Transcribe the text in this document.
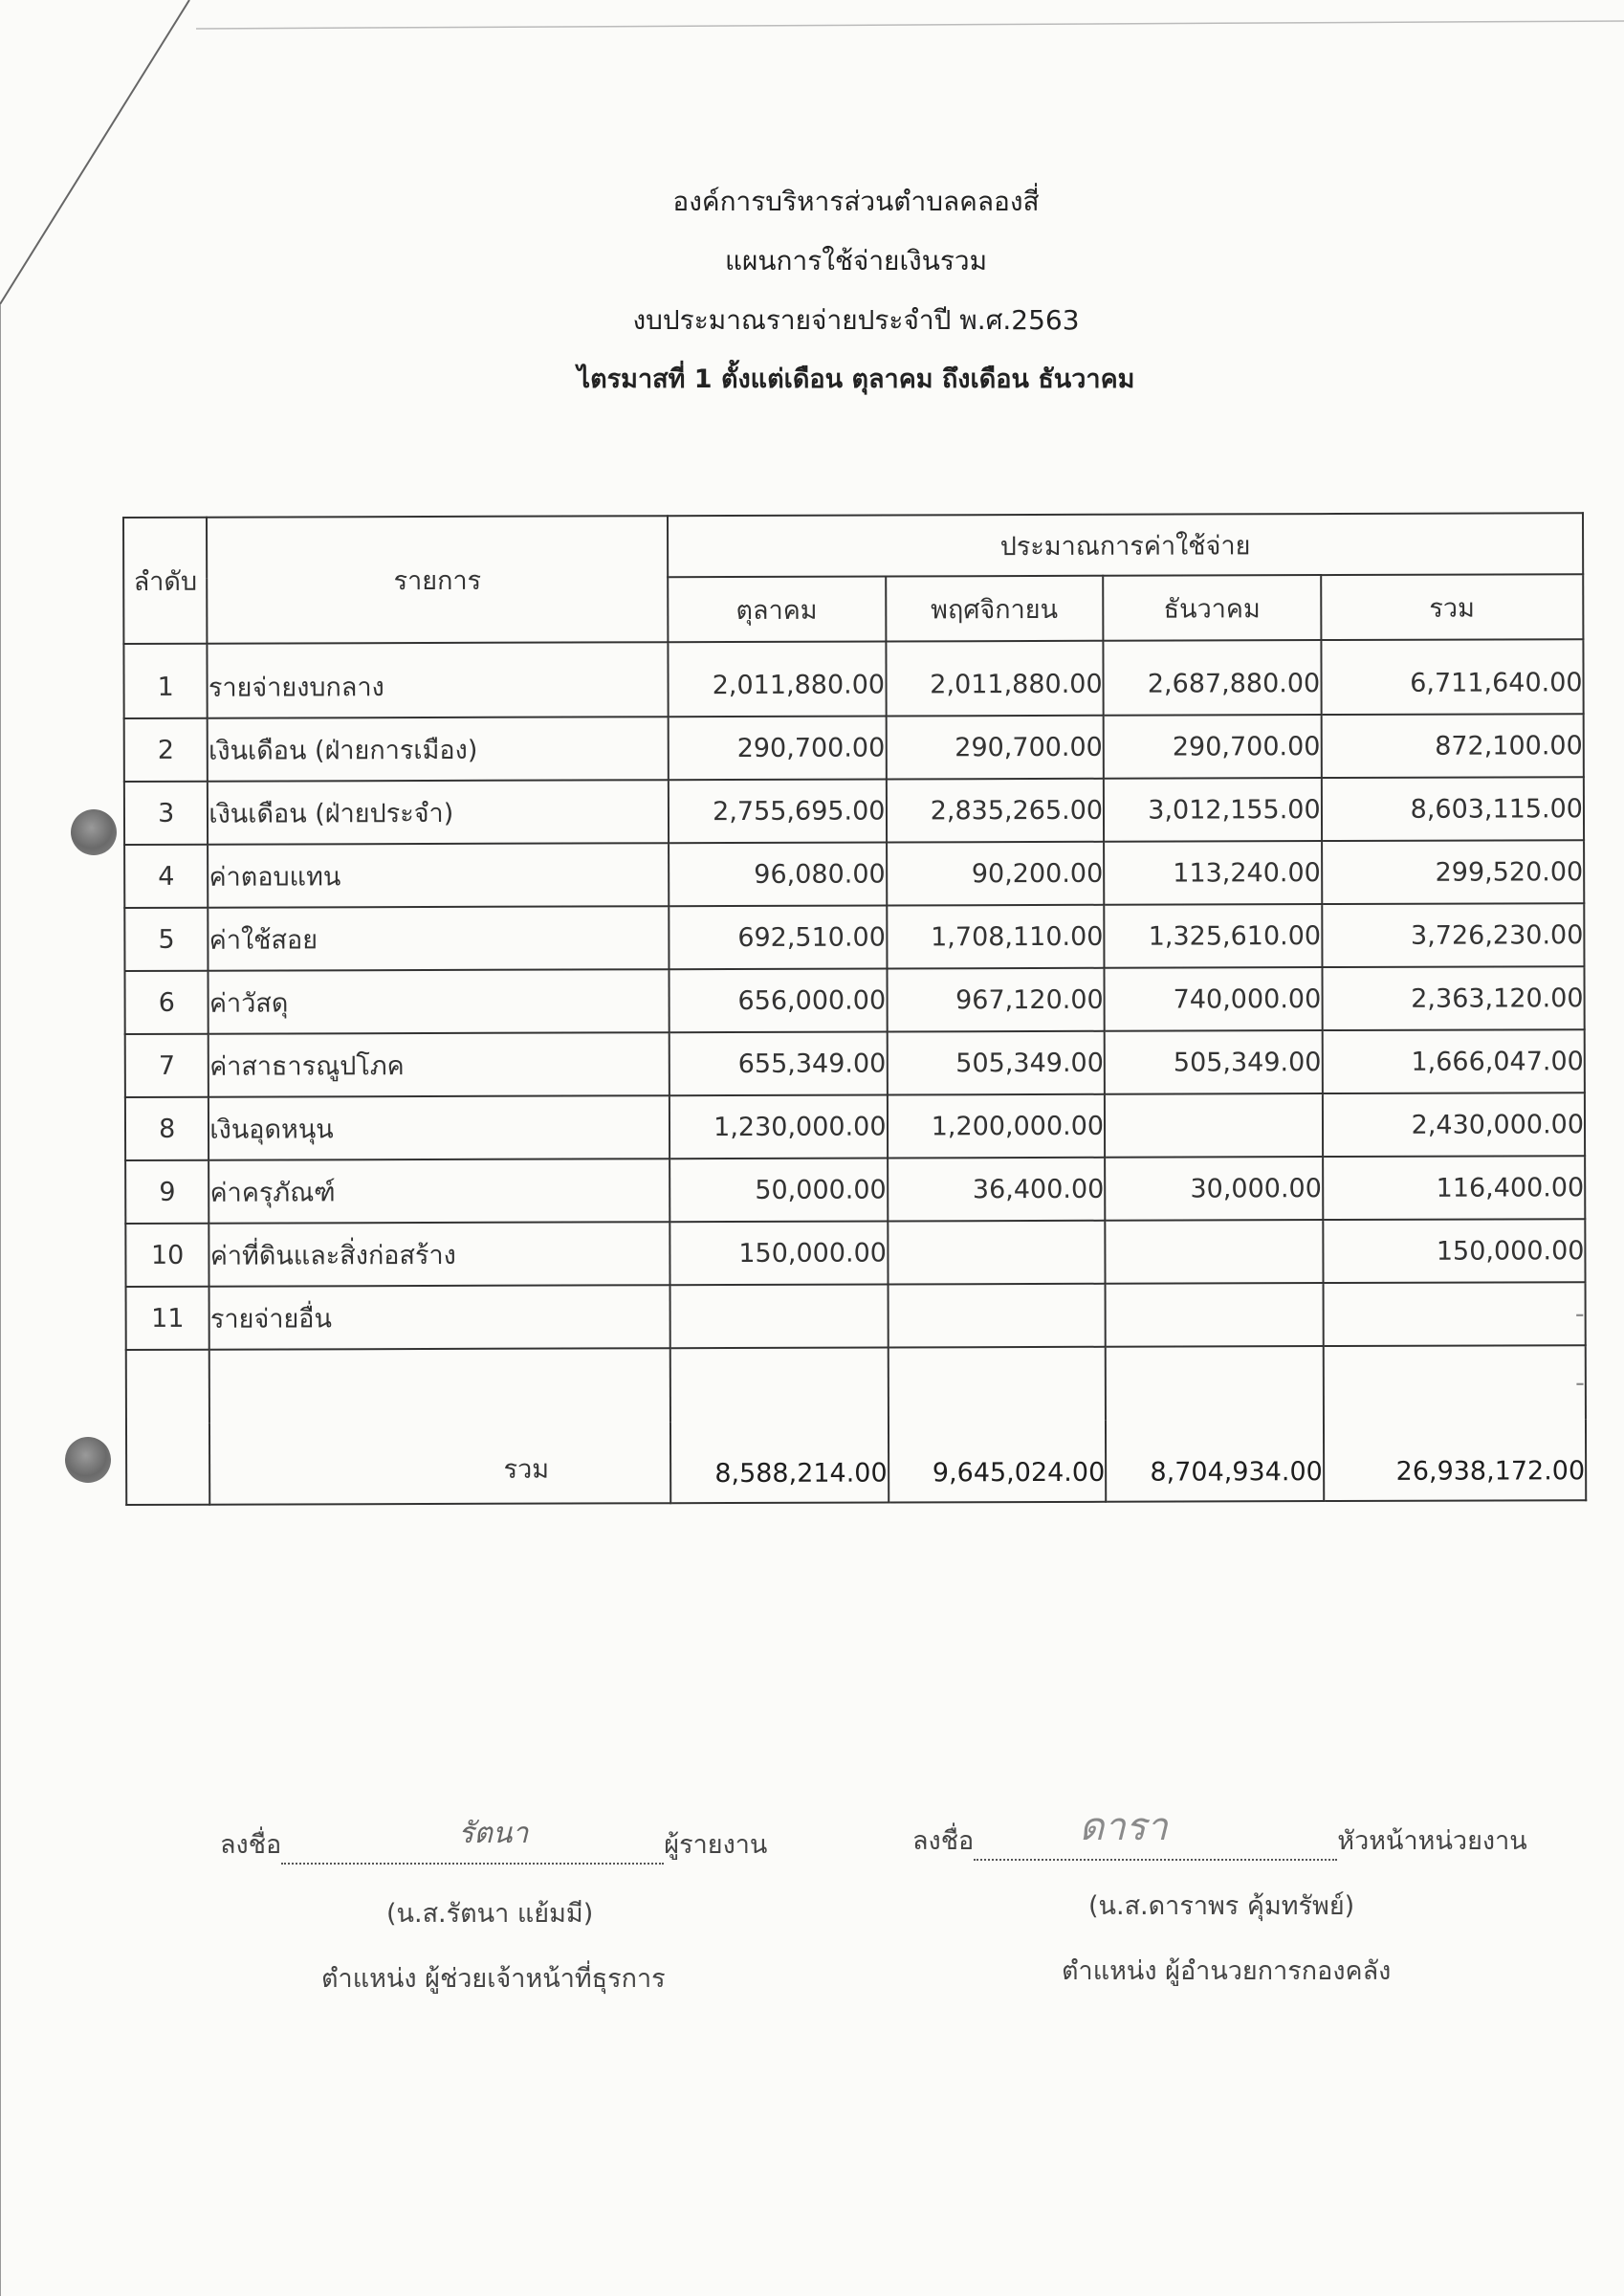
องค์การบริหารส่วนตำบลคลองสี่
แผนการใช้จ่ายเงินรวม
งบประมาณรายจ่ายประจำปี พ.ศ.2563
ไตรมาสที่ 1 ตั้งแต่เดือน ตุลาคม ถึงเดือน ธันวาคม
ลำดับ	รายการ	ประมาณการค่าใช้จ่าย			
		ตุลาคม	พฤศจิกายน	ธันวาคม	รวม
1	รายจ่ายงบกลาง	2,011,880.00	2,011,880.00	2,687,880.00	6,711,640.00
2	เงินเดือน (ฝ่ายการเมือง)	290,700.00	290,700.00	290,700.00	872,100.00
3	เงินเดือน (ฝ่ายประจำ)	2,755,695.00	2,835,265.00	3,012,155.00	8,603,115.00
4	ค่าตอบแทน	96,080.00	90,200.00	113,240.00	299,520.00
5	ค่าใช้สอย	692,510.00	1,708,110.00	1,325,610.00	3,726,230.00
6	ค่าวัสดุ	656,000.00	967,120.00	740,000.00	2,363,120.00
7	ค่าสาธารณูปโภค	655,349.00	505,349.00	505,349.00	1,666,047.00
8	เงินอุดหนุน	1,230,000.00	1,200,000.00		2,430,000.00
9	ค่าครุภัณฑ์	50,000.00	36,400.00	30,000.00	116,400.00
10	ค่าที่ดินและสิ่งก่อสร้าง	150,000.00			150,000.00
11	รายจ่ายอื่น				-
					-
	รวม	8,588,214.00	9,645,024.00	8,704,934.00	26,938,172.00
ลงชื่อ	รัตนา	ผู้รายงาน
(น.ส.รัตนา แย้มมี)
ตำแหน่ง ผู้ช่วยเจ้าหน้าที่ธุรการ
ลงชื่อ	ดารา	หัวหน้าหน่วยงาน
(น.ส.ดาราพร คุ้มทรัพย์)
ตำแหน่ง ผู้อำนวยการกองคลัง
